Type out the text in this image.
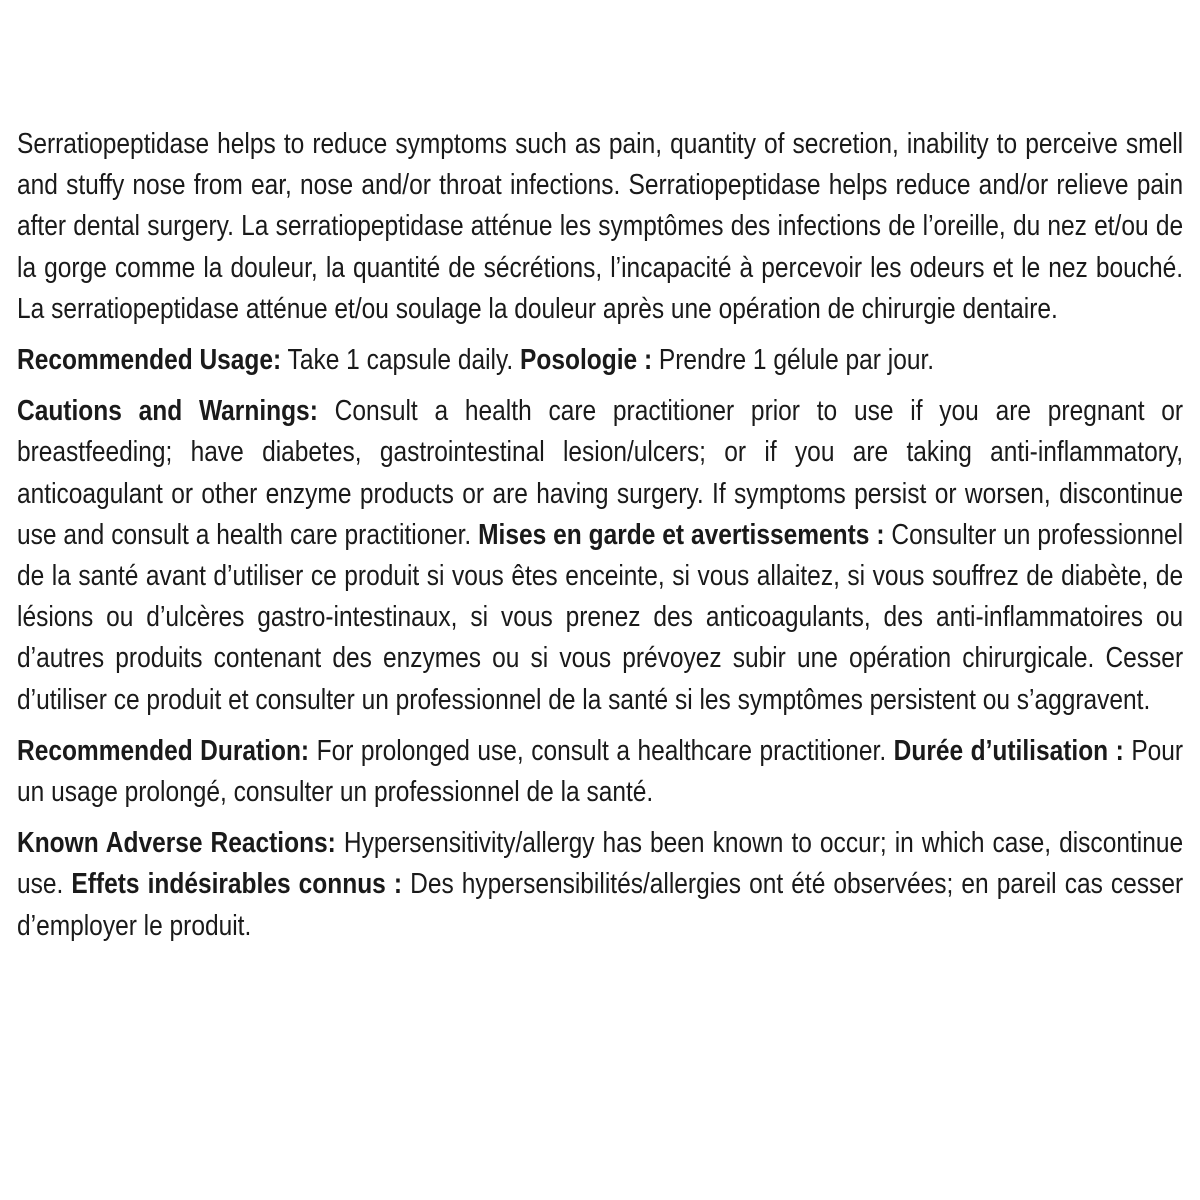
Serratiopeptidase helps to reduce symptoms such as pain, quantity of secretion, inability to perceive smell and stuffy nose from ear, nose and/or throat infections. Serratiopeptidase helps reduce and/or relieve pain after dental surgery. La serratiopeptidase atténue les symptômes des infections de l’oreille, du nez et/ou de la gorge comme la douleur, la quantité de sécrétions, l’incapacité à percevoir les odeurs et le nez bouché. La serratiopeptidase atténue et/ou soulage la douleur après une opération de chirurgie dentaire.

Recommended Usage: Take 1 capsule daily. Posologie : Prendre 1 gélule par jour.

Cautions and Warnings: Consult a health care practitioner prior to use if you are pregnant or breastfeeding; have diabetes, gastrointestinal lesion/ulcers; or if you are taking anti-inflammatory, anticoagulant or other enzyme products or are having surgery. If symptoms persist or worsen, discontinue use and consult a health care practitioner. Mises en garde et avertissements : Consulter un professionnel de la santé avant d’utiliser ce produit si vous êtes enceinte, si vous allaitez, si vous souffrez de diabète, de lésions ou d’ulcères gastro-intestinaux, si vous prenez des anticoagulants, des anti-inflammatoires ou d’autres produits contenant des enzymes ou si vous prévoyez subir une opération chirurgicale. Cesser d’utiliser ce produit et consulter un professionnel de la santé si les symptômes persistent ou s’aggravent.

Recommended Duration: For prolonged use, consult a healthcare practitioner. Durée d’utilisation : Pour un usage prolongé, consulter un professionnel de la santé.

Known Adverse Reactions: Hypersensitivity/allergy has been known to occur; in which case, discontinue use. Effets indésirables connus : Des hypersensibilités/allergies ont été observées; en pareil cas cesser d’employer le produit.
